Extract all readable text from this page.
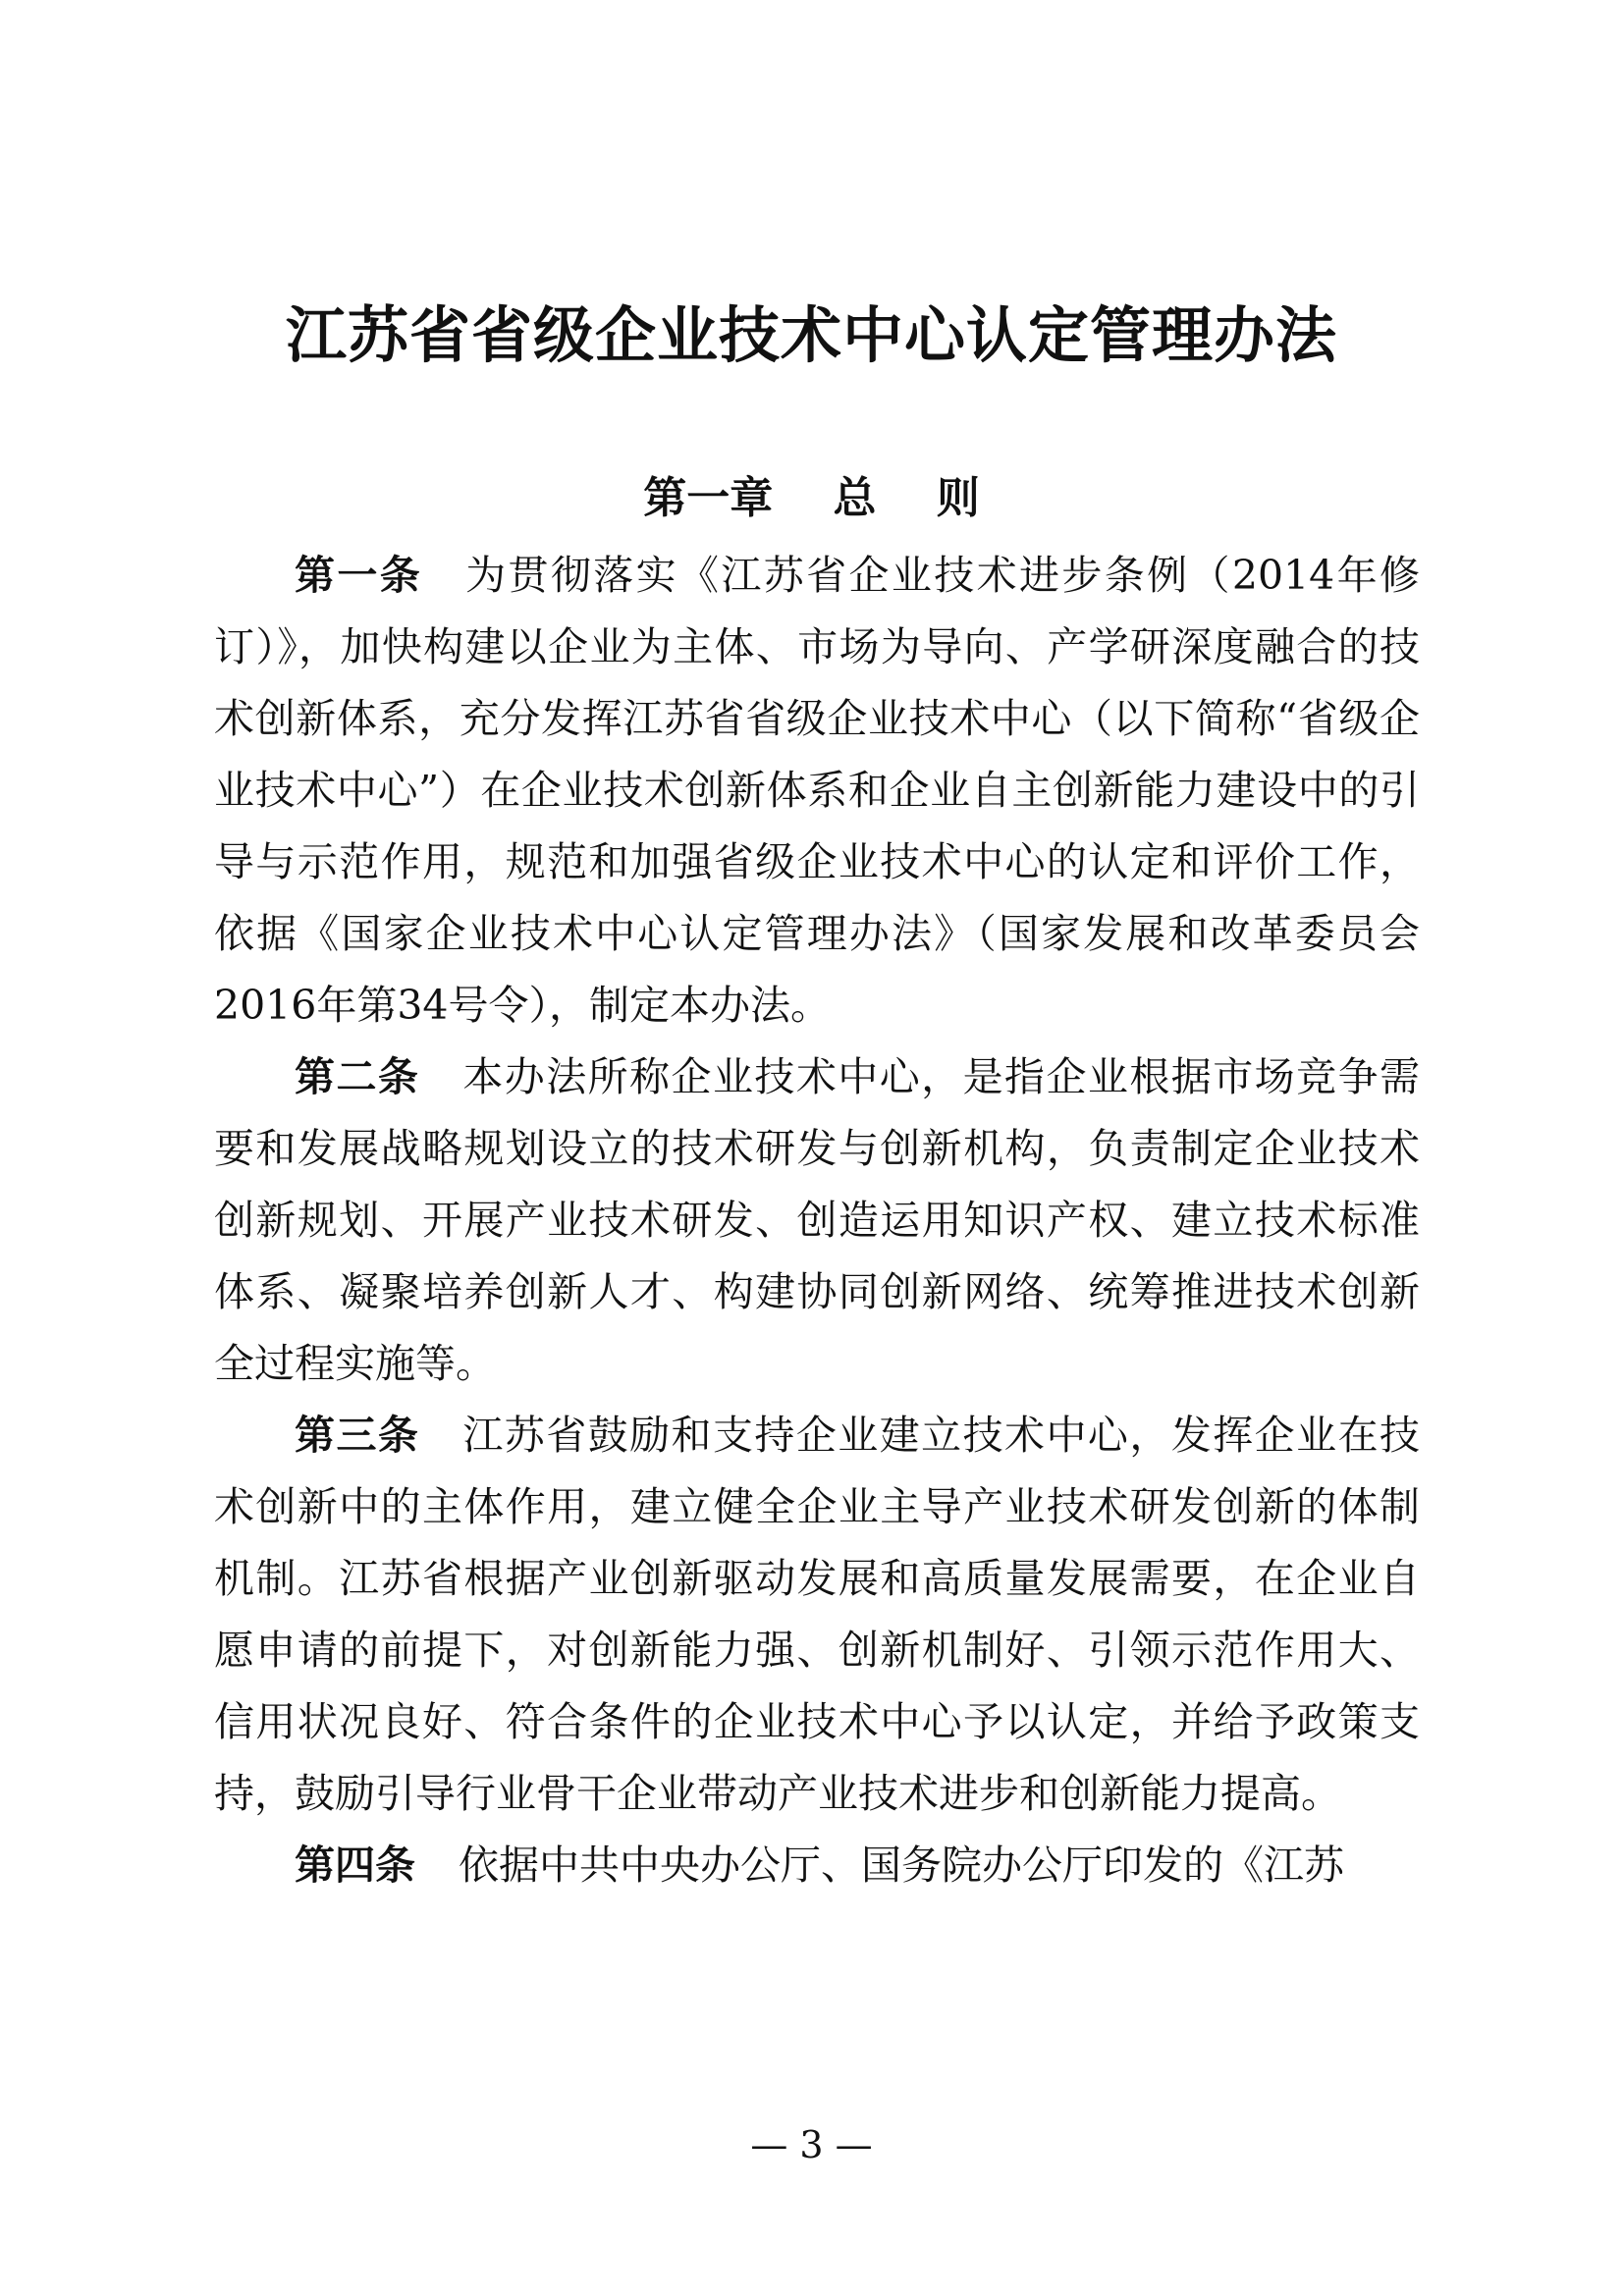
江苏省省级企业技术中心认定管理办法
第一章    总    则

第一条 为贯彻落实《江苏省企业技术进步条例（2014年修订）》，加快构建以企业为主体、市场为导向、产学研深度融合的技术创新体系，充分发挥江苏省省级企业技术中心（以下简称“省级企业技术中心”）在企业技术创新体系和企业自主创新能力建设中的引导与示范作用，规范和加强省级企业技术中心的认定和评价工作，依据《国家企业技术中心认定管理办法》（国家发展和改革委员会2016年第34号令），制定本办法。

第二条 本办法所称企业技术中心，是指企业根据市场竞争需要和发展战略规划设立的技术研发与创新机构，负责制定企业技术创新规划、开展产业技术研发、创造运用知识产权、建立技术标准体系、凝聚培养创新人才、构建协同创新网络、统筹推进技术创新全过程实施等。

第三条 江苏省鼓励和支持企业建立技术中心，发挥企业在技术创新中的主体作用，建立健全企业主导产业技术研发创新的体制机制。江苏省根据产业创新驱动发展和高质量发展需要，在企业自愿申请的前提下，对创新能力强、创新机制好、引领示范作用大、信用状况良好、符合条件的企业技术中心予以认定，并给予政策支持，鼓励引导行业骨干企业带动产业技术进步和创新能力提高。

第四条 依据中共中央办公厅、国务院办公厅印发的《江苏

— 3 —
